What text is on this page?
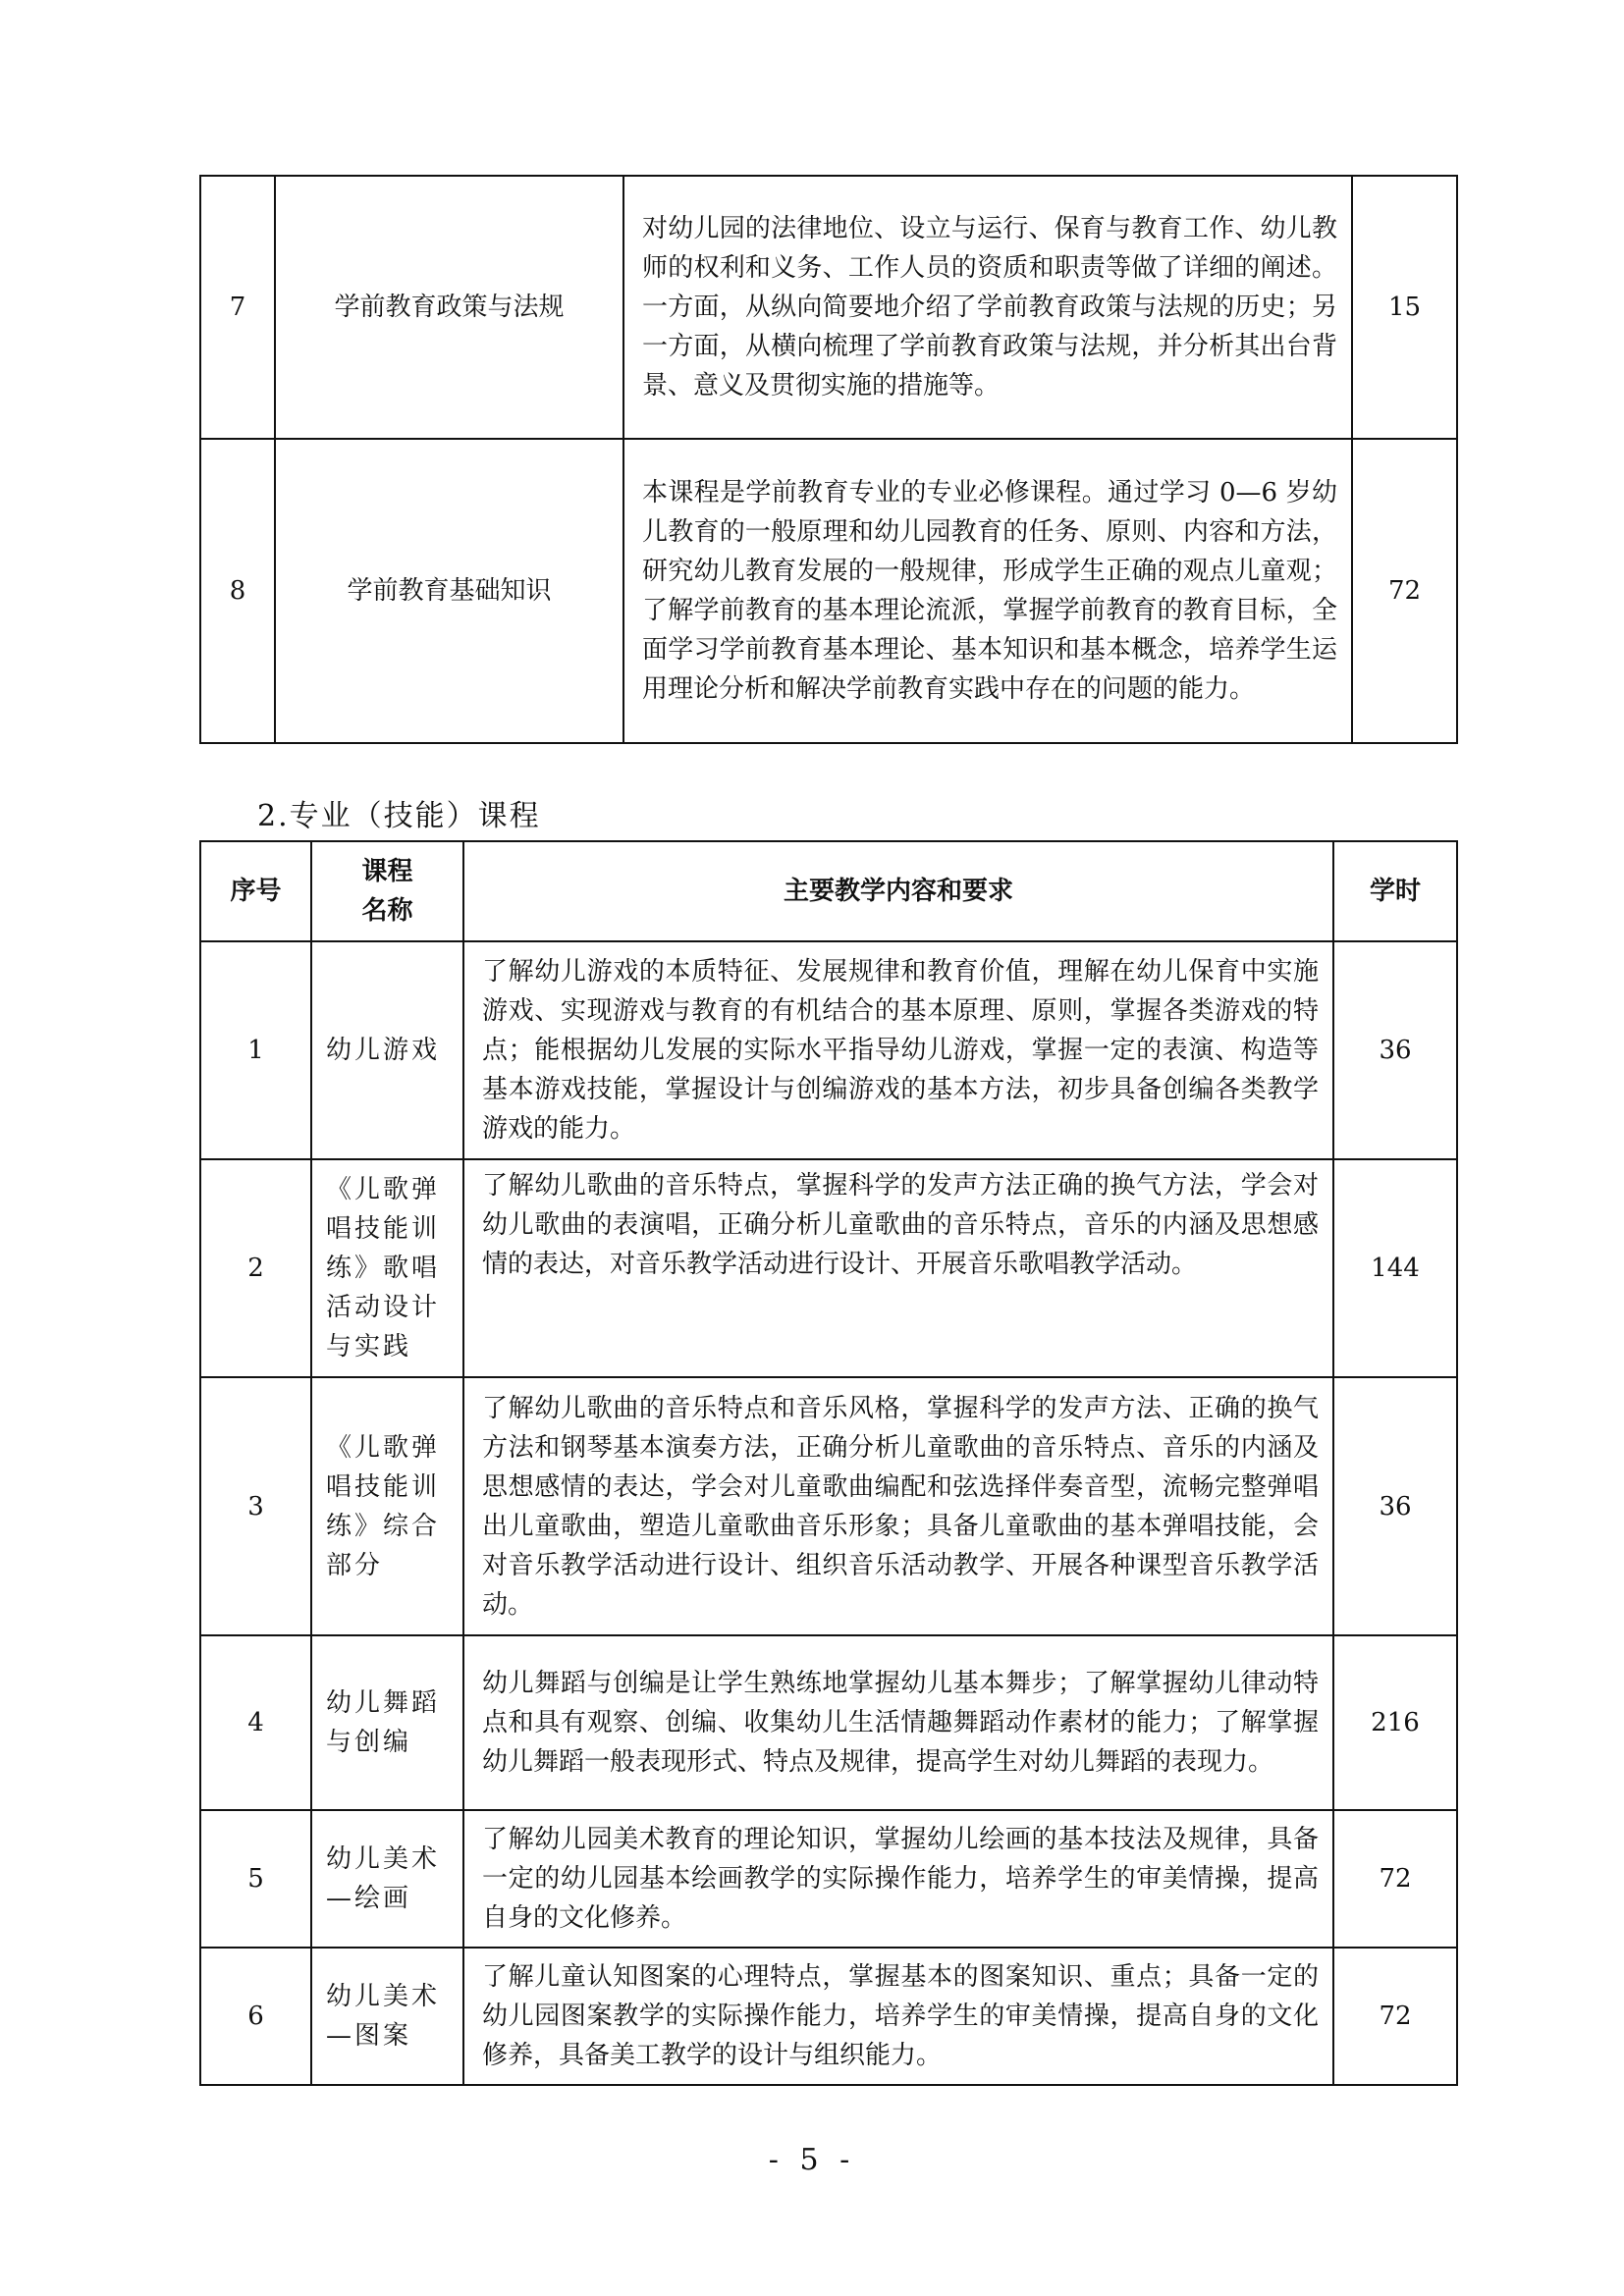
7	学前教育政策与法规	对幼儿园的法律地位、设立与运行、保育与教育工作、幼儿教师的权利和义务、工作人员的资质和职责等做了详细的阐述。一方面，从纵向简要地介绍了学前教育政策与法规的历史；另一方面，从横向梳理了学前教育政策与法规，并分析其出台背景、意义及贯彻实施的措施等。	15
8	学前教育基础知识	本课程是学前教育专业的专业必修课程。通过学习 0—6 岁幼儿教育的一般原理和幼儿园教育的任务、原则、内容和方法，研究幼儿教育发展的一般规律，形成学生正确的观点儿童观；了解学前教育的基本理论流派，掌握学前教育的教育目标，全面学习学前教育基本理论、基本知识和基本概念，培养学生运用理论分析和解决学前教育实践中存在的问题的能力。	72
2.专业（技能）课程
序号	课程名称	主要教学内容和要求	学时
1	幼儿游戏	了解幼儿游戏的本质特征、发展规律和教育价值，理解在幼儿保育中实施游戏、实现游戏与教育的有机结合的基本原理、原则，掌握各类游戏的特点；能根据幼儿发展的实际水平指导幼儿游戏，掌握一定的表演、构造等基本游戏技能，掌握设计与创编游戏的基本方法，初步具备创编各类教学游戏的能力。	36
2	《儿歌弹唱技能训练》歌唱活动设计与实践	了解幼儿歌曲的音乐特点，掌握科学的发声方法正确的换气方法，学会对幼儿歌曲的表演唱，正确分析儿童歌曲的音乐特点，音乐的内涵及思想感情的表达，对音乐教学活动进行设计、开展音乐歌唱教学活动。	144
3	《儿歌弹唱技能训练》综合部分	了解幼儿歌曲的音乐特点和音乐风格，掌握科学的发声方法、正确的换气方法和钢琴基本演奏方法，正确分析儿童歌曲的音乐特点、音乐的内涵及思想感情的表达，学会对儿童歌曲编配和弦选择伴奏音型，流畅完整弹唱出儿童歌曲，塑造儿童歌曲音乐形象；具备儿童歌曲的基本弹唱技能，会对音乐教学活动进行设计、组织音乐活动教学、开展各种课型音乐教学活动。	36
4	幼儿舞蹈与创编	幼儿舞蹈与创编是让学生熟练地掌握幼儿基本舞步；了解掌握幼儿律动特点和具有观察、创编、收集幼儿生活情趣舞蹈动作素材的能力；了解掌握幼儿舞蹈一般表现形式、特点及规律，提高学生对幼儿舞蹈的表现力。	216
5	幼儿美术—绘画	了解幼儿园美术教育的理论知识，掌握幼儿绘画的基本技法及规律，具备一定的幼儿园基本绘画教学的实际操作能力，培养学生的审美情操，提高自身的文化修养。	72
6	幼儿美术—图案	了解儿童认知图案的心理特点，掌握基本的图案知识、重点；具备一定的幼儿园图案教学的实际操作能力，培养学生的审美情操，提高自身的文化修养，具备美工教学的设计与组织能力。	72
- 5 -
